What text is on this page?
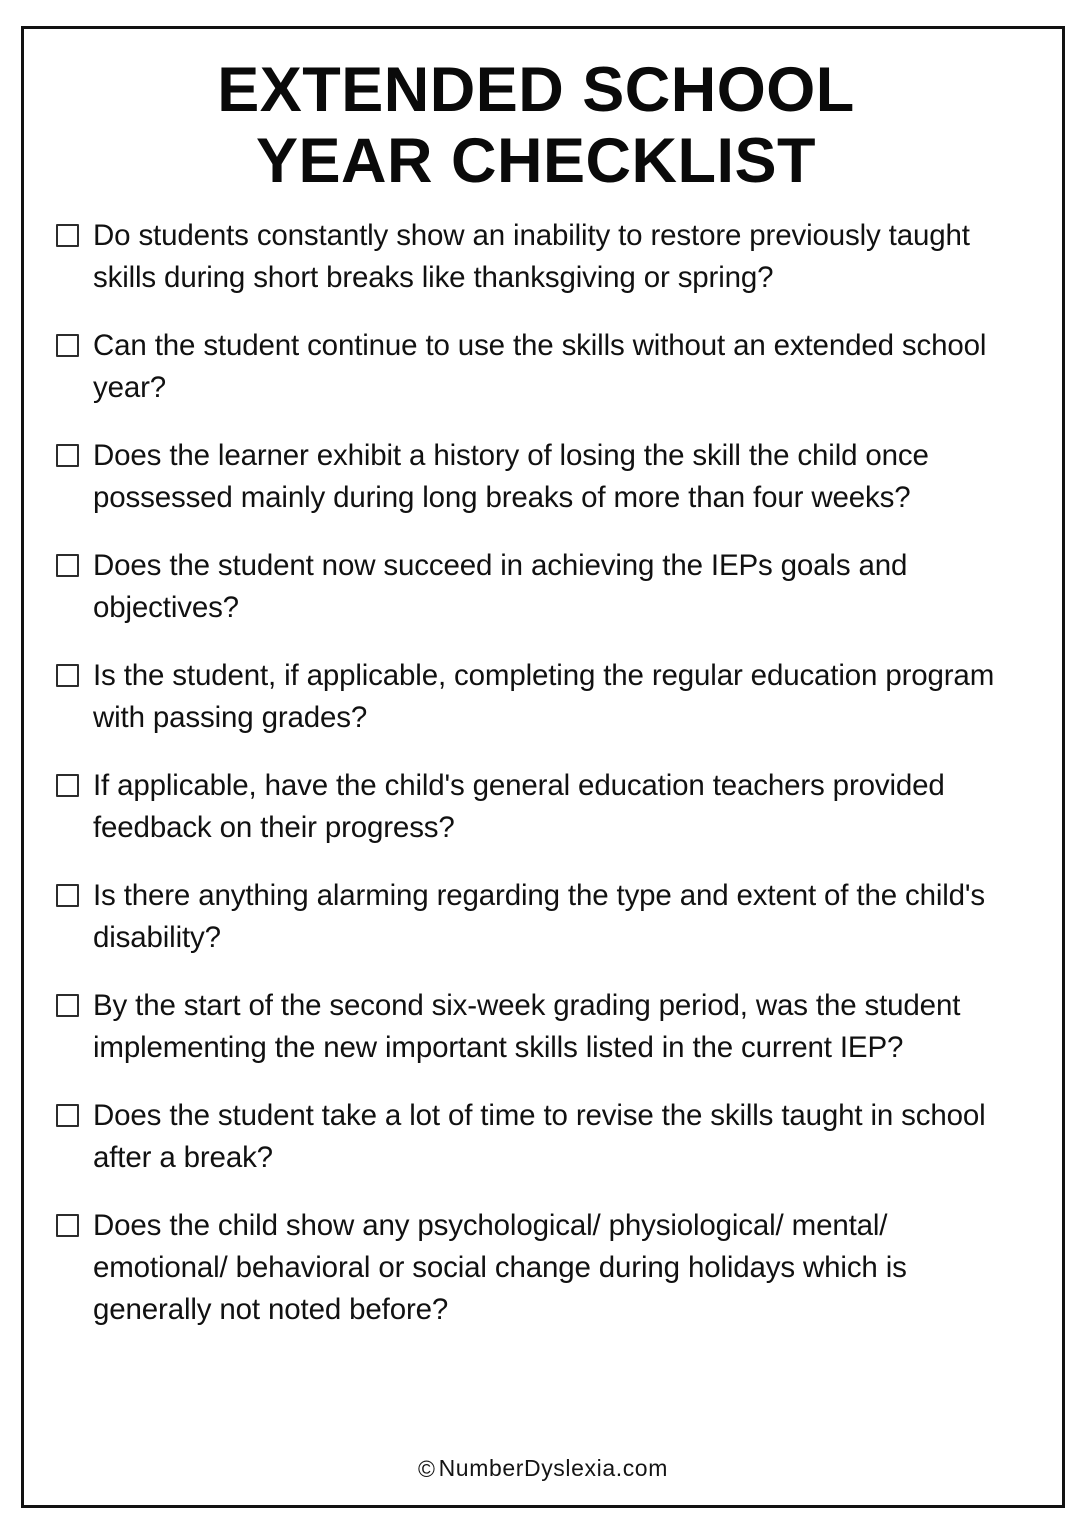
EXTENDED SCHOOL
YEAR CHECKLIST
Do students constantly show an inability to restore previously taught skills during short breaks like thanksgiving or spring?
Can the student continue to use the skills without an extended school year?
Does the learner exhibit a history of losing the skill the child once possessed mainly during long breaks of more than four weeks?
Does the student now succeed in achieving the IEPs goals and objectives?
Is the student, if applicable, completing the regular education program with passing grades?
If applicable, have the child's general education teachers provided feedback on their progress?
Is there anything alarming regarding the type and extent of the child's disability?
By the start of the second six-week grading period, was the student implementing the new important skills listed in the current IEP?
Does the student take a lot of time to revise the skills taught in school after a break?
Does the child show any psychological/ physiological/ mental/ emotional/ behavioral or social change during holidays which is generally not noted before?
© NumberDyslexia.com
